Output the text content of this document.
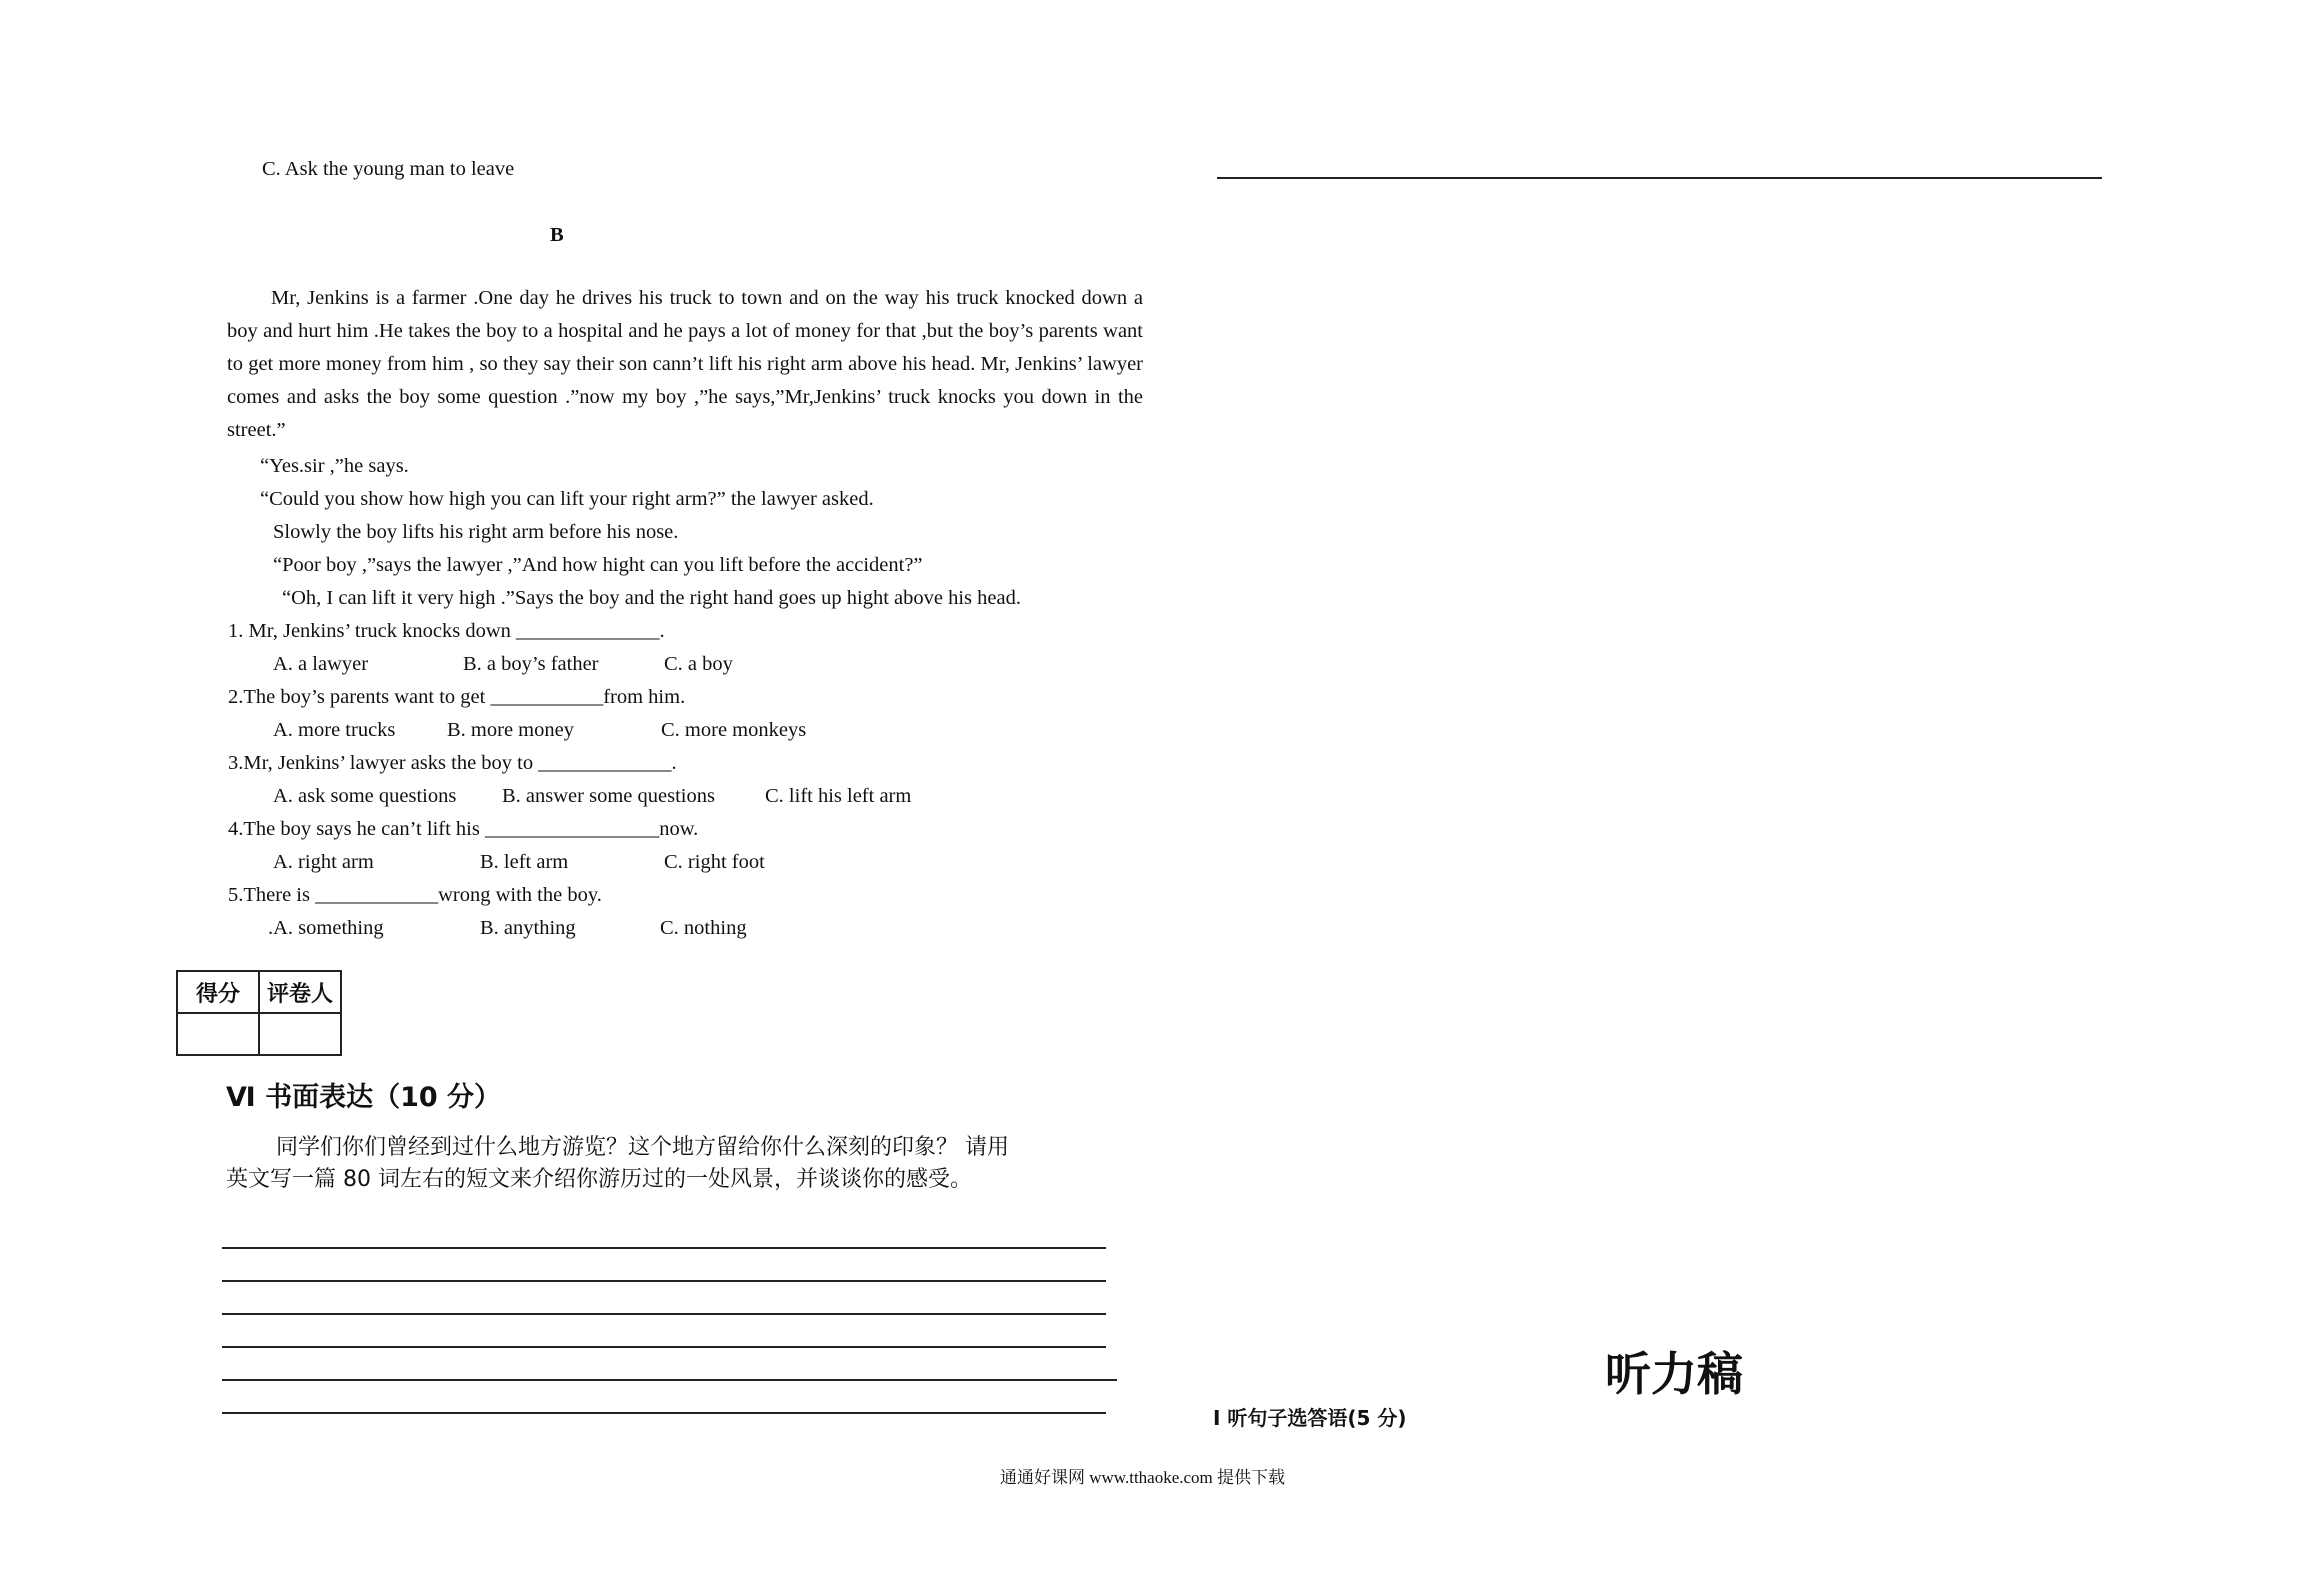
C. Ask the young man to leave
B
Mr, Jenkins is a farmer .One day he drives his truck to town and on the way his truck knocked down a boy and hurt him .He takes the boy to a hospital and he pays a lot of money for that ,but the boy’s parents want to get more money from him , so they say their son cann’t lift his right arm above his head. Mr, Jenkins’ lawyer comes and asks the boy some question .”now my boy ,”he says,”Mr,Jenkins’ truck knocks you down in the street.”
“Yes.sir ,”he says.
“Could you show how high you can lift your right arm?” the lawyer asked.
Slowly the boy lifts his right arm before his nose.
“Poor boy ,”says the lawyer ,”And how hight can you lift before the accident?”
“Oh, I can lift it very high .”Says the boy and the right hand goes up hight above his head.
1. Mr, Jenkins’ truck knocks down ______________.
A. a lawyer	B. a boy’s father	C. a boy
2.The boy’s parents want to get ___________from him.
A. more trucks	B. more money	C. more monkeys
3.Mr, Jenkins’ lawyer asks the boy to _____________.
A. ask some questions B. answer some questions C. lift his left arm
4.The boy says he can’t lift his _________________now.
A. right arm	B. left arm	C. right foot
5.There is ____________wrong with the boy.
.A. something	B. anything	C. nothing
得分	评卷人

Ⅵ 书面表达（10 分）
同学们你们曾经到过什么地方游览？这个地方留给你什么深刻的印象？ 请用
英文写一篇 80 词左右的短文来介绍你游历过的一处风景，并谈谈你的感受。
听力稿
Ⅰ 听句子选答语(5 分)
通通好课网 www.tthaoke.com 提供下载
